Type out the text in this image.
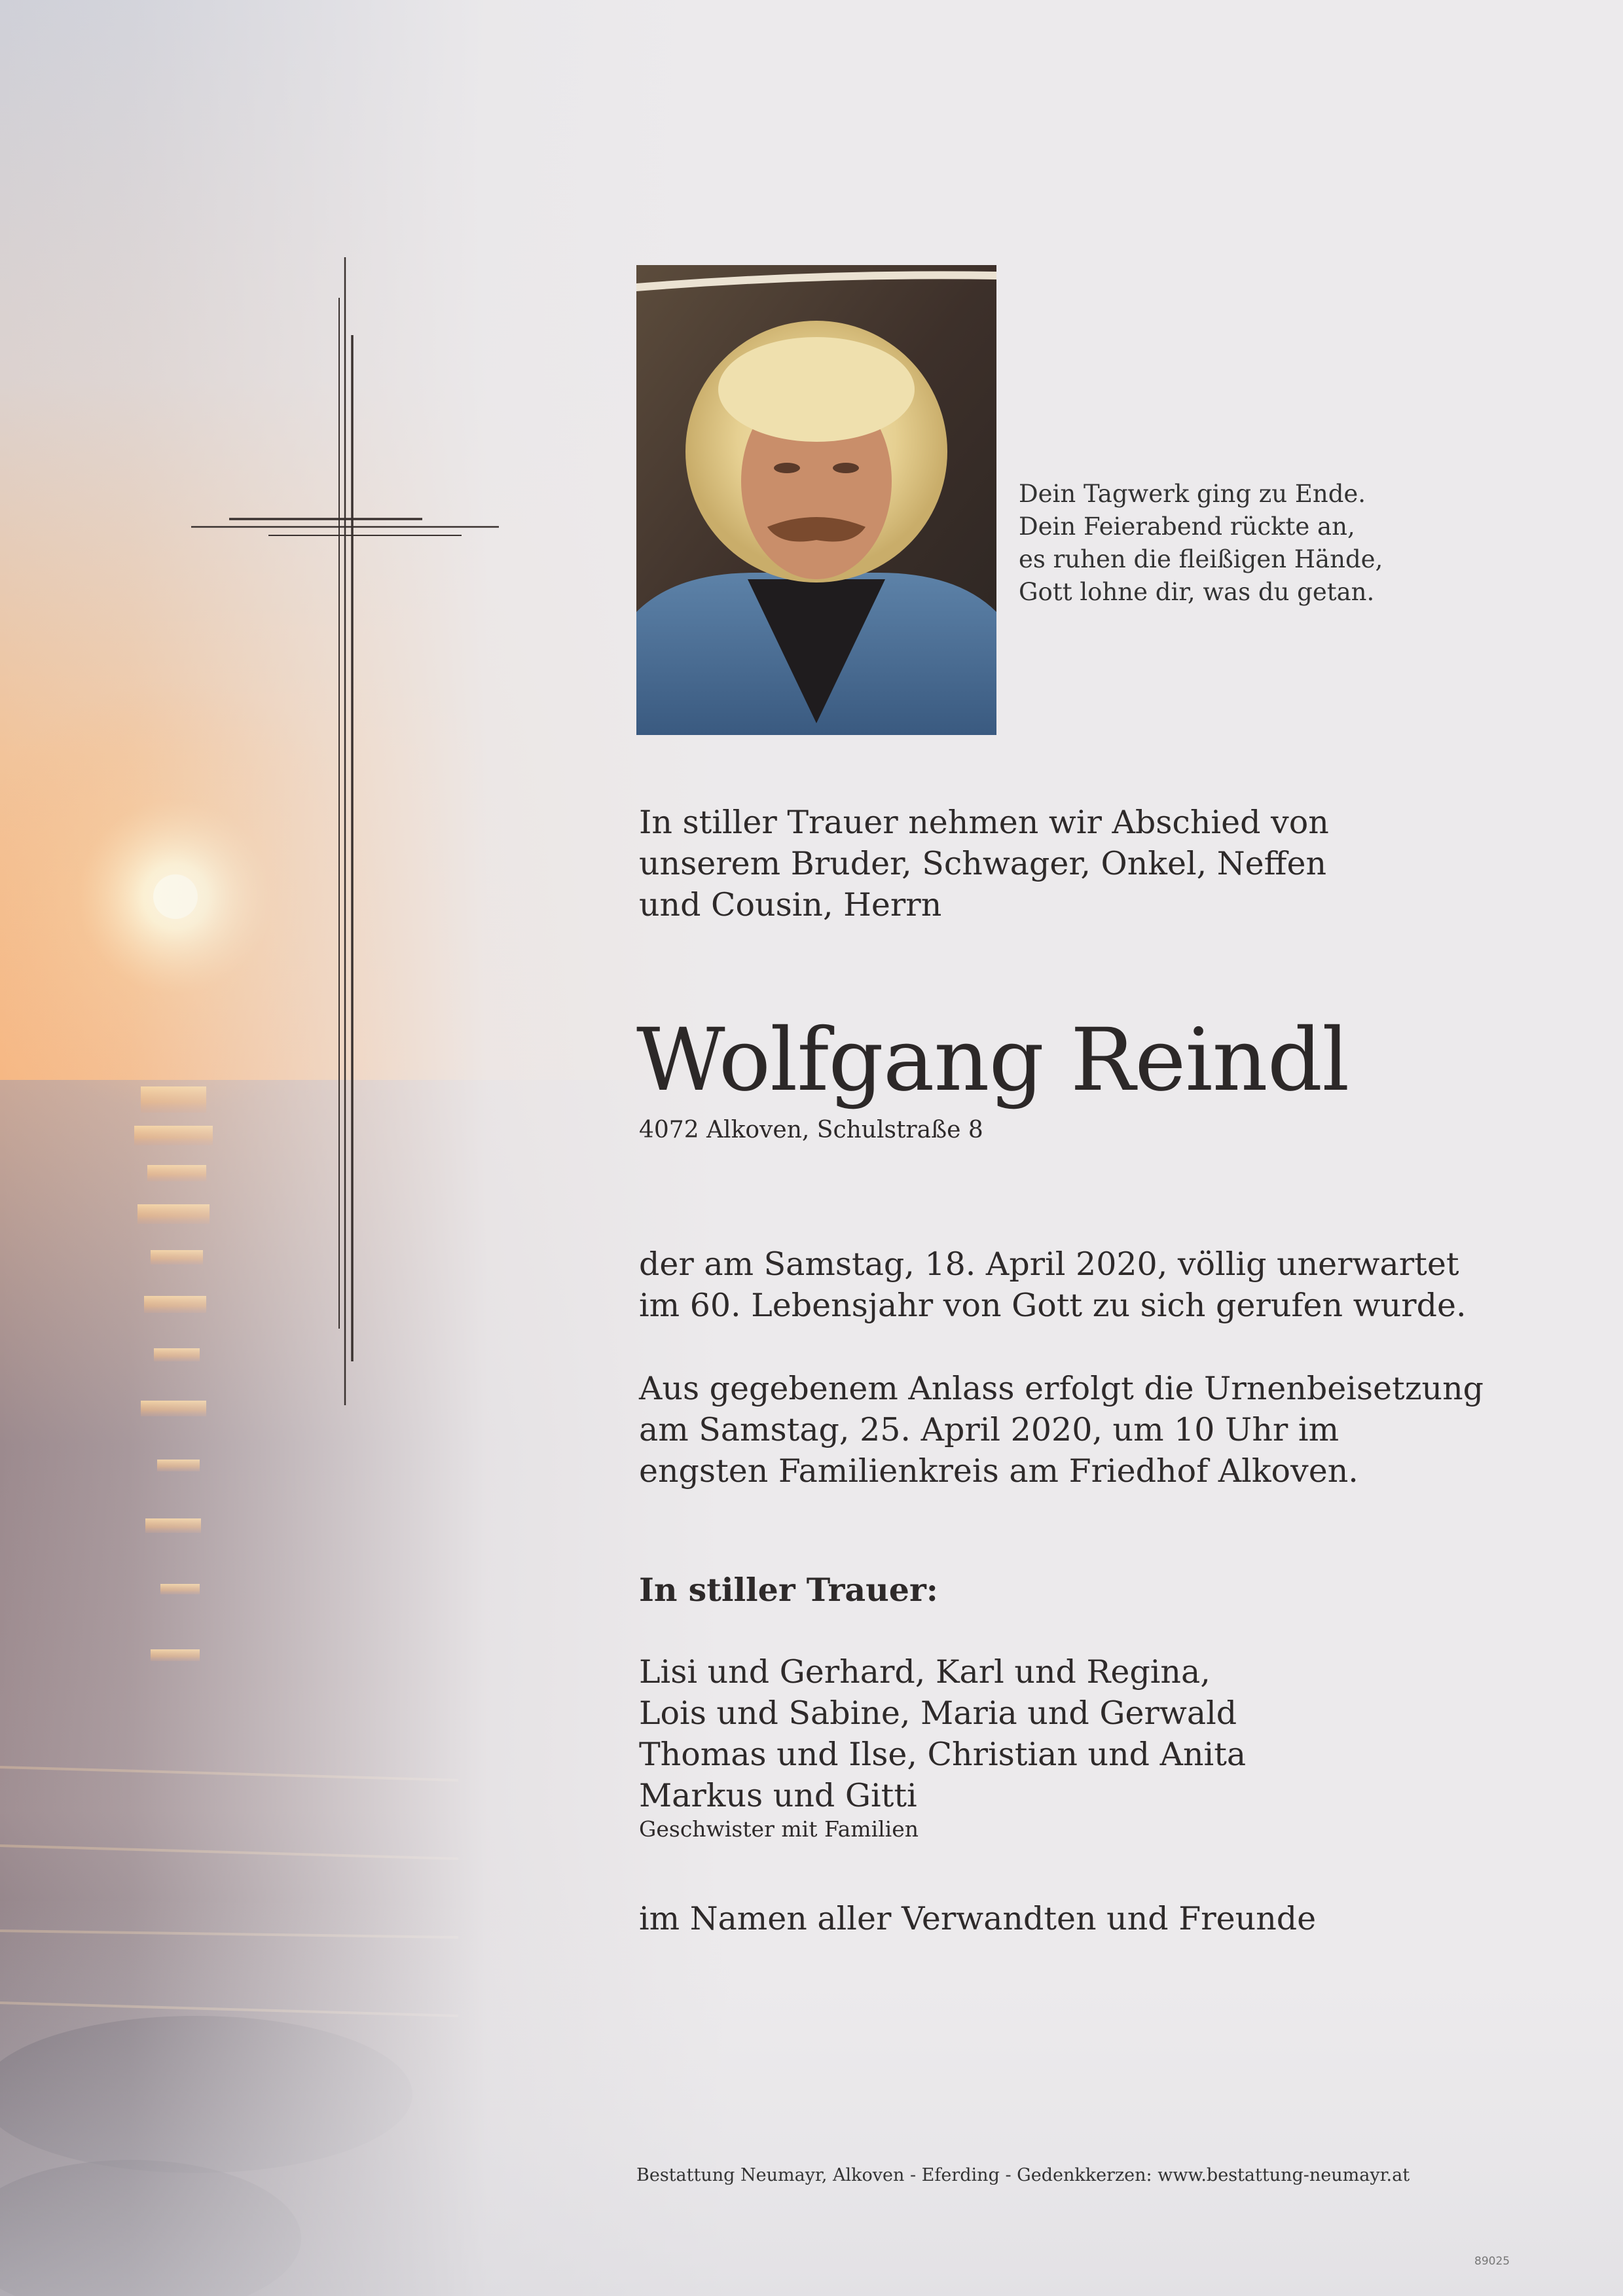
Dein Tagwerk ging zu Ende.
Dein Feierabend rückte an,
es ruhen die fleißigen Hände,
Gott lohne dir, was du getan.
In stiller Trauer nehmen wir Abschied von
unserem Bruder, Schwager, Onkel, Neffen
und Cousin, Herrn
Wolfgang Reindl
4072 Alkoven, Schulstraße 8
der am Samstag, 18. April 2020, völlig unerwartet
im 60. Lebensjahr von Gott zu sich gerufen wurde.
Aus gegebenem Anlass erfolgt die Urnenbeisetzung
am Samstag, 25. April 2020, um 10 Uhr im
engsten Familienkreis am Friedhof Alkoven.
In stiller Trauer:
Lisi und Gerhard, Karl und Regina,
Lois und Sabine, Maria und Gerwald
Thomas und Ilse, Christian und Anita
Markus und Gitti
Geschwister mit Familien
im Namen aller Verwandten und Freunde
Bestattung Neumayr, Alkoven - Eferding - Gedenkkerzen: www.bestattung-neumayr.at
89025
